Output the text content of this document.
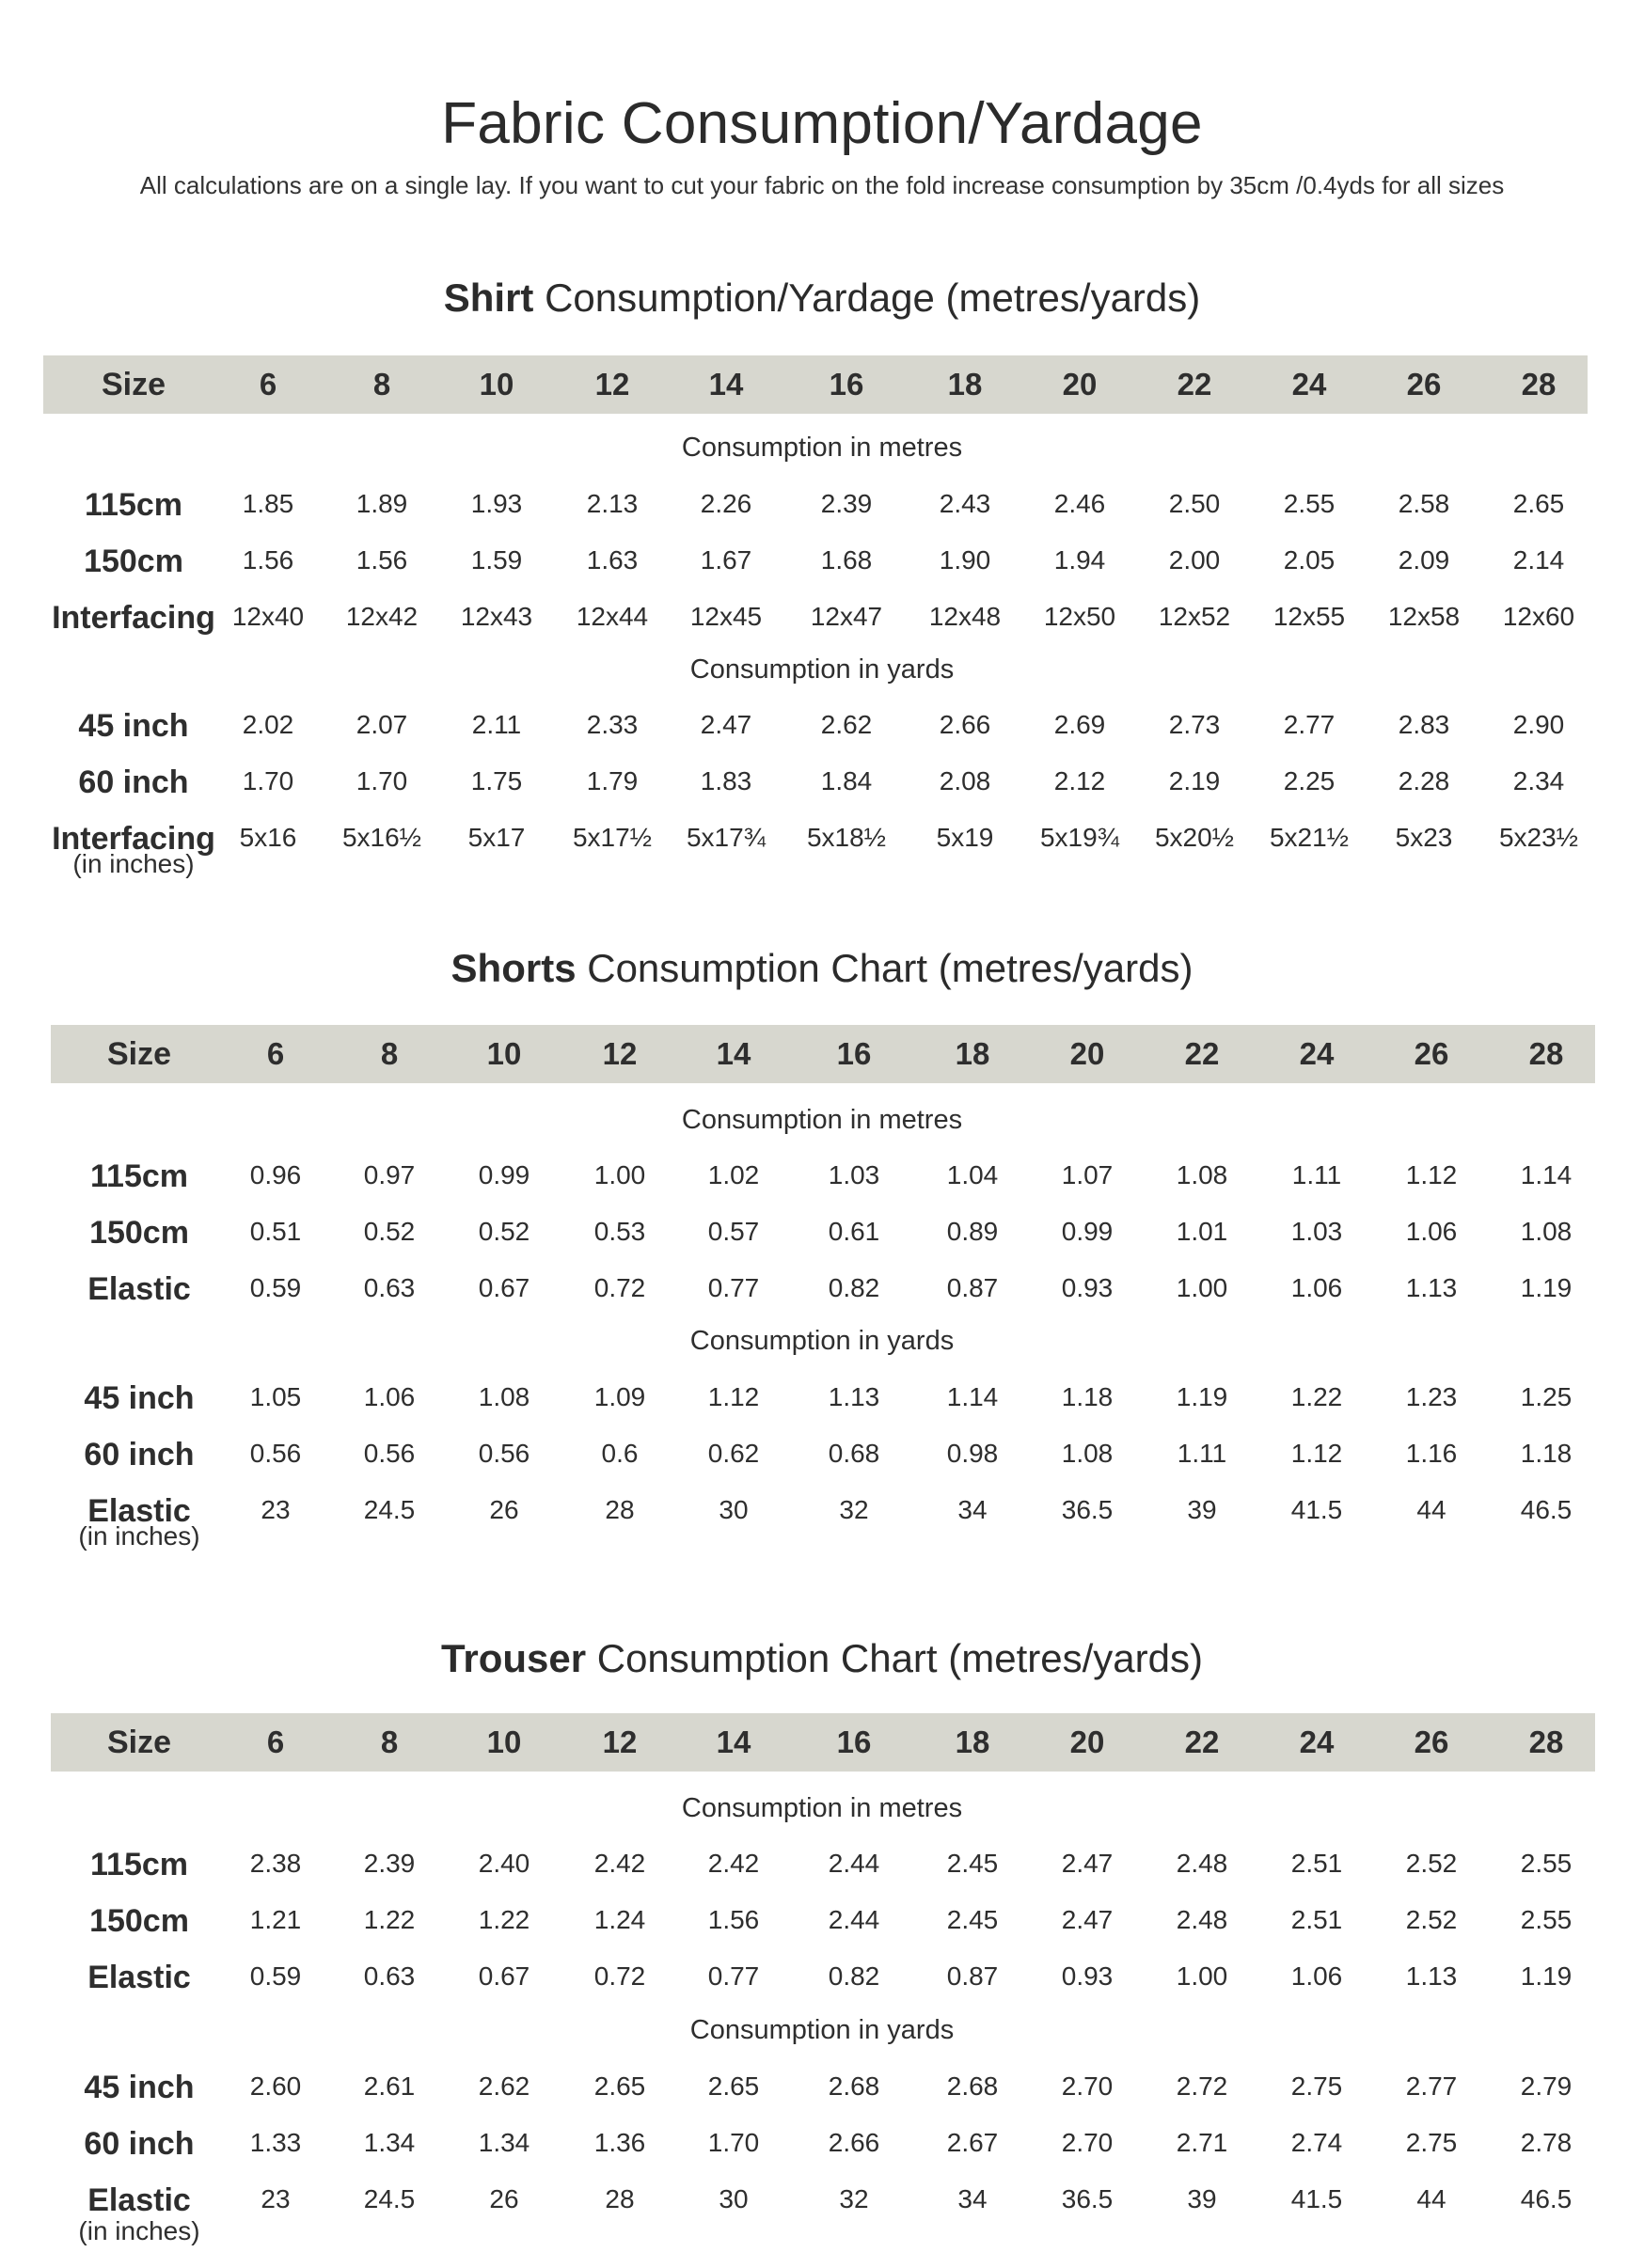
Fabric Consumption/Yardage
All calculations are on a single lay. If you want to cut your fabric on the fold increase consumption by 35cm /0.4yds for all sizes
Shirt Consumption/Yardage (metres/yards)
Size	6	8	10	12	14	16	18	20	22	24	26	28
Consumption in metres
115cm	1.85	1.89	1.93	2.13	2.26	2.39	2.43	2.46	2.50	2.55	2.58	2.65
150cm	1.56	1.56	1.59	1.63	1.67	1.68	1.90	1.94	2.00	2.05	2.09	2.14
Interfacing 12x40	12x42	12x43	12x44	12x45	12x47	12x48	12x50	12x52	12x55	12x58	12x60
Consumption in yards
45 inch	2.02	2.07	2.11	2.33	2.47	2.62	2.66	2.69	2.73	2.77	2.83	2.90
60 inch	1.70	1.70	1.75	1.79	1.83	1.84	2.08	2.12	2.19	2.25	2.28	2.34
Interfacing
(in inches)
5x16	5x16½	5x17	5x17½	5x17¾	5x18½	5x19	5x19¾	5x20½	5x21½	5x23	5x23½
Shorts Consumption Chart (metres/yards)
Size	6	8	10	12	14	16	18	20	22	24	26	28
Consumption in metres
115cm	0.96	0.97	0.99	1.00	1.02	1.03	1.04	1.07	1.08	1.11	1.12	1.14
150cm	0.51	0.52	0.52	0.53	0.57	0.61	0.89	0.99	1.01	1.03	1.06	1.08
Elastic	0.59	0.63	0.67	0.72	0.77	0.82	0.87	0.93	1.00	1.06	1.13	1.19
Consumption in yards
45 inch	1.05	1.06	1.08	1.09	1.12	1.13	1.14	1.18	1.19	1.22	1.23	1.25
60 inch	0.56	0.56	0.56	0.6	0.62	0.68	0.98	1.08	1.11	1.12	1.16	1.18
Elastic
(in inches)
23	24.5	26	28	30	32	34	36.5	39	41.5	44	46.5
Trouser Consumption Chart (metres/yards)
Size	6	8	10	12	14	16	18	20	22	24	26	28
Consumption in metres
115cm	2.38	2.39	2.40	2.42	2.42	2.44	2.45	2.47	2.48	2.51	2.52	2.55
150cm	1.21	1.22	1.22	1.24	1.56	2.44	2.45	2.47	2.48	2.51	2.52	2.55
Elastic	0.59	0.63	0.67	0.72	0.77	0.82	0.87	0.93	1.00	1.06	1.13	1.19
Consumption in yards
45 inch	2.60	2.61	2.62	2.65	2.65	2.68	2.68	2.70	2.72	2.75	2.77	2.79
60 inch	1.33	1.34	1.34	1.36	1.70	2.66	2.67	2.70	2.71	2.74	2.75	2.78
Elastic
(in inches)
23	24.5	26	28	30	32	34	36.5	39	41.5	44	46.5
